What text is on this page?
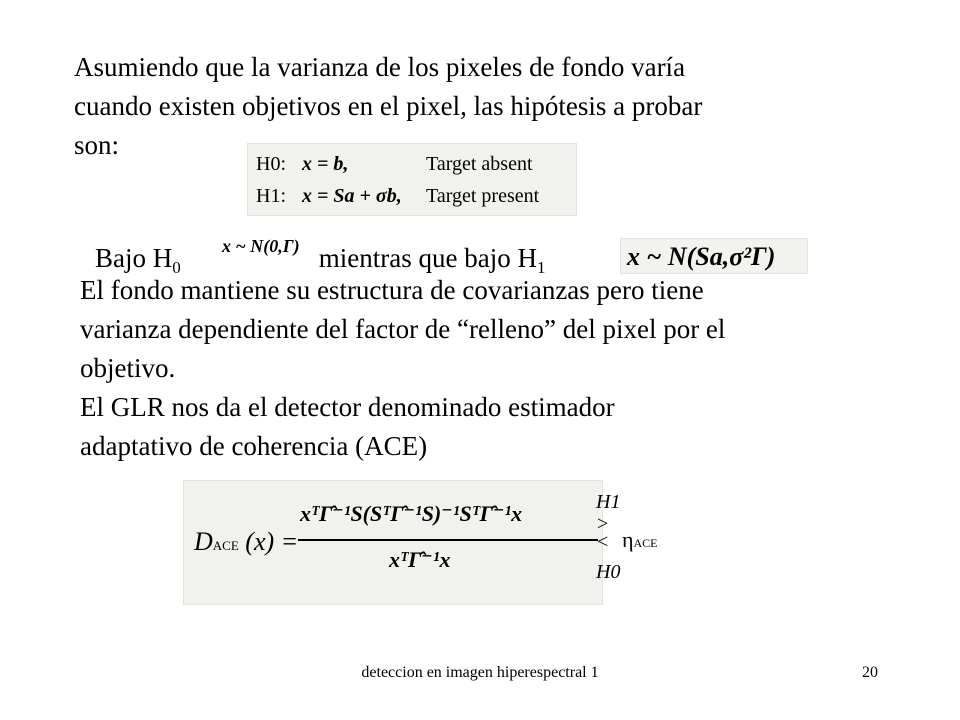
Asumiendo que la varianza de los pixeles de fondo varía
cuando existen objetivos en el pixel, las hipótesis a probar
son:
H0: x = b,	Target absent
H1: x = Sa + σb,	Target present
Bajo $H_0$	mientras que bajo $H_1$
x ~ N(0,Γ)	x ~ N(Sa,σ²Γ)
El fondo mantiene su estructura de covarianzas pero tiene
varianza dependiente del factor de “relleno” del pixel por el
objetivo.
El GLR nos da el detector denominado estimador
adaptativo de coherencia (ACE)
DACE (x) =
xᵀΓ̂⁻¹S(SᵀΓ̂⁻¹S)⁻¹SᵀΓ̂⁻¹x
xᵀΓ̂⁻¹x
H1
>
<
H0
ηACE
deteccion en imagen hiperespectral 1	20
